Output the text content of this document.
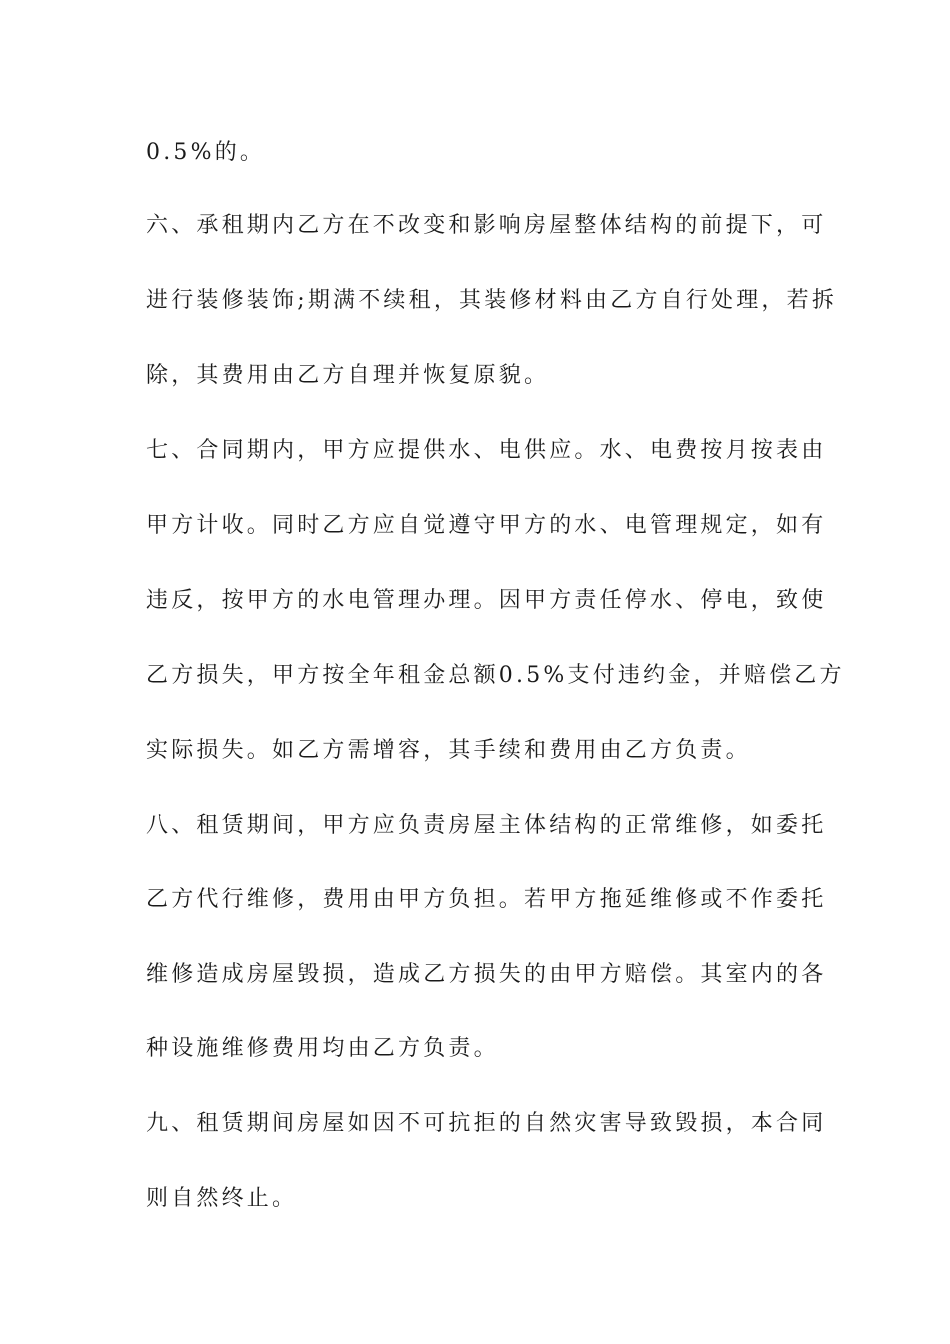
0.5%的。
六、承租期内乙方在不改变和影响房屋整体结构的前提下，可
进行装修装饰;期满不续租，其装修材料由乙方自行处理，若拆
除，其费用由乙方自理并恢复原貌。
七、合同期内，甲方应提供水、电供应。水、电费按月按表由
甲方计收。同时乙方应自觉遵守甲方的水、电管理规定，如有
违反，按甲方的水电管理办理。因甲方责任停水、停电，致使
乙方损失，甲方按全年租金总额0.5%支付违约金，并赔偿乙方
实际损失。如乙方需增容，其手续和费用由乙方负责。
八、租赁期间，甲方应负责房屋主体结构的正常维修，如委托
乙方代行维修，费用由甲方负担。若甲方拖延维修或不作委托
维修造成房屋毁损，造成乙方损失的由甲方赔偿。其室内的各
种设施维修费用均由乙方负责。
九、租赁期间房屋如因不可抗拒的自然灾害导致毁损，本合同
则自然终止。
